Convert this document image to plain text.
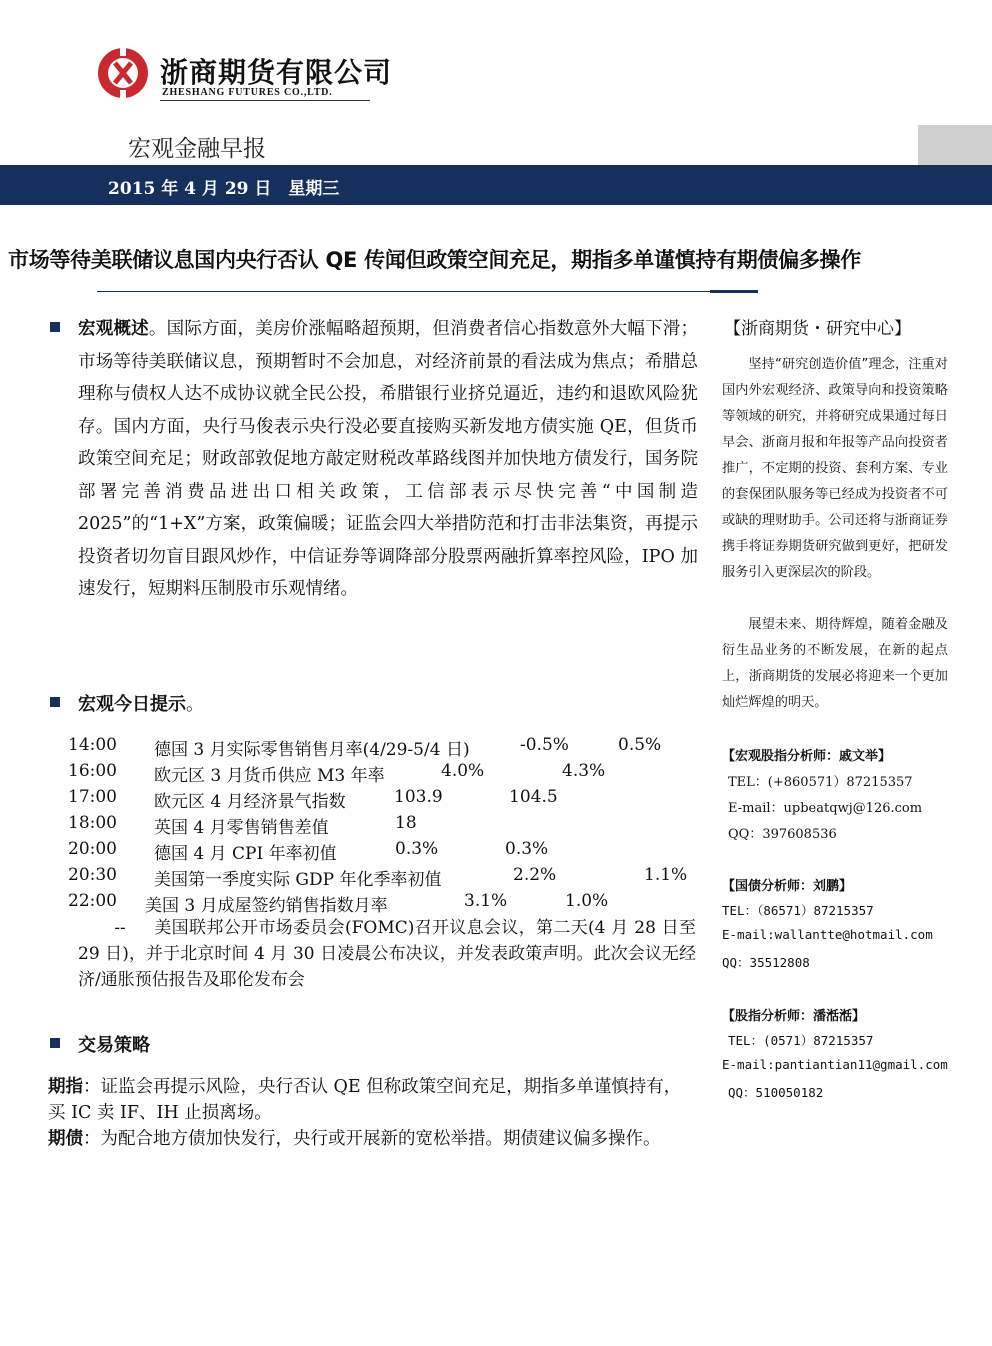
浙商期货有限公司
ZHESHANG FUTURES CO.,LTD.
宏观金融早报
2015 年 4 月 29 日　星期三
市场等待美联储议息国内央行否认 QE 传闻但政策空间充足，期指多单谨慎持有期债偏多操作
宏观概述。国际方面，美房价涨幅略超预期，但消费者信心指数意外大幅下滑；市场等待美联储议息，预期暂时不会加息，对经济前景的看法成为焦点；希腊总理称与债权人达不成协议就全民公投，希腊银行业挤兑逼近，违约和退欧风险犹存。国内方面，央行马俊表示央行没必要直接购买新发地方债实施 QE，但货币政策空间充足；财政部敦促地方敲定财税改革路线图并加快地方债发行，国务院部署完善消费品进出口相关政策，工信部表示尽快完善“中国制造 2025”的“1+X”方案，政策偏暖；证监会四大举措防范和打击非法集资，再提示投资者切勿盲目跟风炒作，中信证券等调降部分股票两融折算率控风险，IPO 加速发行，短期料压制股市乐观情绪。
宏观今日提示。
14:00 德国 3 月实际零售销售月率(4/29-5/4 日)	-0.5%	0.5%
16:00 欧元区 3 月货币供应 M3 年率	4.0%	4.3%
17:00 欧元区 4 月经济景气指数	103.9	104.5
18:00 英国 4 月零售销售差值	18
20:00 德国 4 月 CPI 年率初值	0.3%	0.3%
20:30 美国第一季度实际 GDP 年化季率初值	2.2%	1.1%
22:00 美国 3 月成屋签约销售指数月率	3.1%	1.0%
-- 美国联邦公开市场委员会(FOMC)召开议息会议，第二天(4 月 28 日至 29 日)，并于北京时间 4 月 30 日凌晨公布决议，并发表政策声明。此次会议无经济/通胀预估报告及耶伦发布会
交易策略
期指：证监会再提示风险，央行否认 QE 但称政策空间充足，期指多单谨慎持有，买 IC 卖 IF、IH 止损离场。
期债：为配合地方债加快发行，央行或开展新的宽松举措。期债建议偏多操作。
【浙商期货・研究中心】
坚持“研究创造价值”理念，注重对国内外宏观经济、政策导向和投资策略等领域的研究，并将研究成果通过每日早会、浙商月报和年报等产品向投资者推广，不定期的投资、套利方案、专业的套保团队服务等已经成为投资者不可或缺的理财助手。公司还将与浙商证券携手将证券期货研究做到更好，把研发服务引入更深层次的阶段。
展望未来、期待辉煌，随着金融及衍生品业务的不断发展，在新的起点上，浙商期货的发展必将迎来一个更加灿烂辉煌的明天。
【宏观股指分析师：戚文举】
TEL：(+860571）87215357
E-mail：upbeatqwj@126.com
QQ：397608536
【国债分析师：刘鹏】
TEL：（86571）87215357
E-mail:wallantte@hotmail.com
QQ：35512808
【股指分析师：潘湉湉】
TEL：(0571）87215357
E-mail:pantiantian11@gmail.com
QQ：510050182
